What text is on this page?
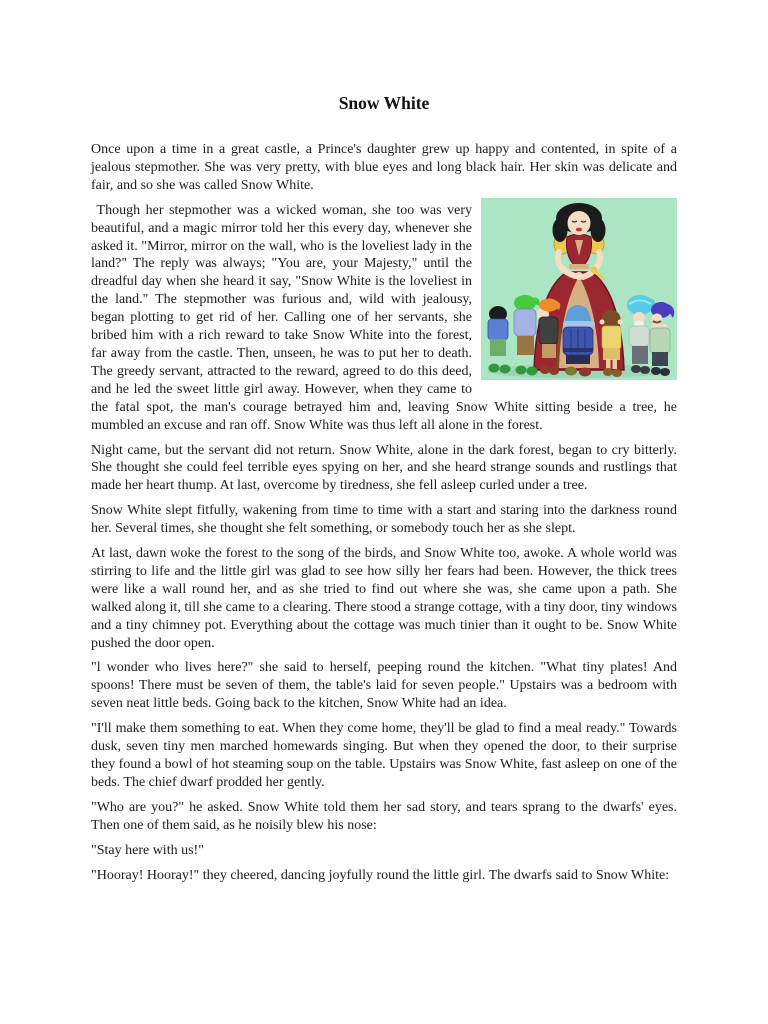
Snow White

Once upon a time in a great castle, a Prince's daughter grew up happy and contented, in spite of a jealous stepmother. She was very pretty, with blue eyes and long black hair. Her skin was delicate and fair, and so she was called Snow White.

Though her stepmother was a wicked woman, she too was very beautiful, and a magic mirror told her this every day, whenever she asked it. "Mirror, mirror on the wall, who is the loveliest lady in the land?" The reply was always; "You are, your Majesty," until the dreadful day when she heard it say, "Snow White is the loveliest in the land." The stepmother was furious and, wild with jealousy, began plotting to get rid of her. Calling one of her servants, she bribed him with a rich reward to take Snow White into the forest, far away from the castle. Then, unseen, he was to put her to death. The greedy servant, attracted to the reward, agreed to do this deed, and he led the sweet little girl away. However, when they came to the fatal spot, the man's courage betrayed him and, leaving Snow White sitting beside a tree, he mumbled an excuse and ran off. Snow White was thus left all alone in the forest.

Night came, but the servant did not return. Snow White, alone in the dark forest, began to cry bitterly. She thought she could feel terrible eyes spying on her, and she heard strange sounds and rustlings that made her heart thump. At last, overcome by tiredness, she fell asleep curled under a tree.

Snow White slept fitfully, wakening from time to time with a start and staring into the darkness round her. Several times, she thought she felt something, or somebody touch her as she slept.

At last, dawn woke the forest to the song of the birds, and Snow White too, awoke. A whole world was stirring to life and the little girl was glad to see how silly her fears had been. However, the thick trees were like a wall round her, and as she tried to find out where she was, she came upon a path. She walked along it, till she came to a clearing. There stood a strange cottage, with a tiny door, tiny windows and a tiny chimney pot. Everything about the cottage was much tinier than it ought to be. Snow White pushed the door open.

"l wonder who lives here?" she said to herself, peeping round the kitchen. "What tiny plates! And spoons! There must be seven of them, the table's laid for seven people." Upstairs was a bedroom with seven neat little beds. Going back to the kitchen, Snow White had an idea.

"I'll make them something to eat. When they come home, they'll be glad to find a meal ready." Towards dusk, seven tiny men marched homewards singing. But when they opened the door, to their surprise they found a bowl of hot steaming soup on the table. Upstairs was Snow White, fast asleep on one of the beds. The chief dwarf prodded her gently.

"Who are you?" he asked. Snow White told them her sad story, and tears sprang to the dwarfs' eyes. Then one of them said, as he noisily blew his nose:

"Stay here with us!"

"Hooray! Hooray!" they cheered, dancing joyfully round the little girl. The dwarfs said to Snow White:
